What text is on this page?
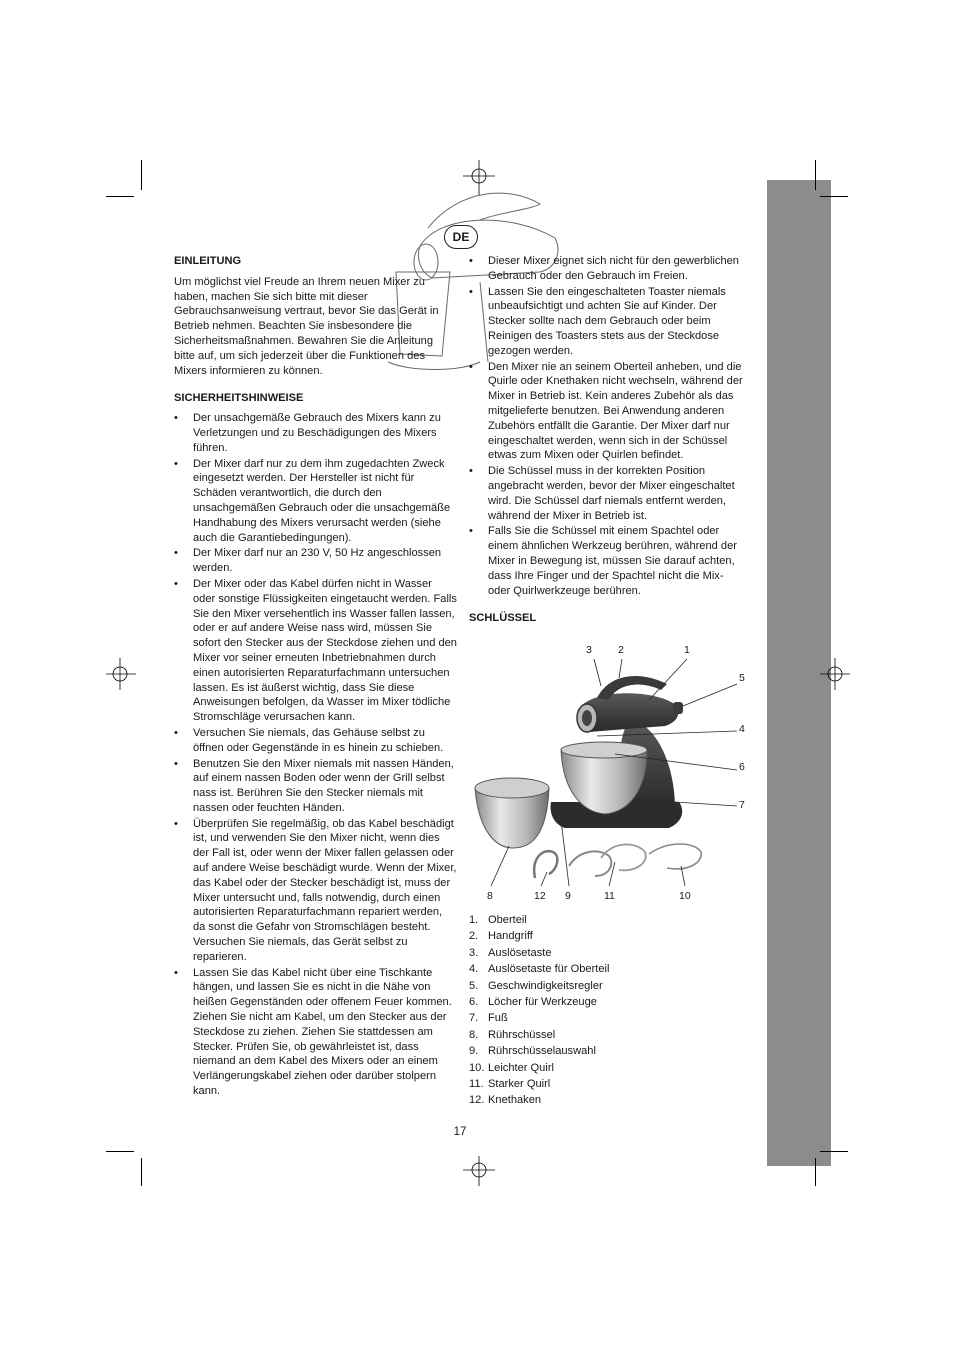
DE
EINLEITUNG

Um möglichst viel Freude an Ihrem neuen Mixer zu haben, machen Sie sich bitte mit dieser Gebrauchsanweisung vertraut, bevor Sie das Gerät in Betrieb nehmen. Beachten Sie insbesondere die Sicherheitsmaßnahmen. Bewahren Sie die Anleitung bitte auf, um sich jederzeit über die Funktionen des Mixers informieren zu können.

SICHERHEITSHINWEISE
• Der unsachgemäße Gebrauch des Mixers kann zu Verletzungen und zu Beschädigungen des Mixers führen.
• Der Mixer darf nur zu dem ihm zugedachten Zweck eingesetzt werden. Der Hersteller ist nicht für Schäden verantwortlich, die durch den unsachgemäßen Gebrauch oder die unsachgemäße Handhabung des Mixers verursacht werden (siehe auch die Garantiebedingungen).
• Der Mixer darf nur an 230 V, 50 Hz angeschlossen werden.
• Der Mixer oder das Kabel dürfen nicht in Wasser oder sonstige Flüssigkeiten eingetaucht werden. Falls Sie den Mixer versehentlich ins Wasser fallen lassen, oder er auf andere Weise nass wird, müssen Sie sofort den Stecker aus der Steckdose ziehen und den Mixer vor seiner erneuten Inbetriebnahmen durch einen autorisierten Reparaturfachmann untersuchen lassen. Es ist äußerst wichtig, dass Sie diese Anweisungen befolgen, da Wasser im Mixer tödliche Stromschläge verursachen kann.
• Versuchen Sie niemals, das Gehäuse selbst zu öffnen oder Gegenstände in es hinein zu schieben.
• Benutzen Sie den Mixer niemals mit nassen Händen, auf einem nassen Boden oder wenn der Grill selbst nass ist. Berühren Sie den Stecker niemals mit nassen oder feuchten Händen.
• Überprüfen Sie regelmäßig, ob das Kabel beschädigt ist, und verwenden Sie den Mixer nicht, wenn dies der Fall ist, oder wenn der Mixer fallen gelassen oder auf andere Weise beschädigt wurde. Wenn der Mixer, das Kabel oder der Stecker beschädigt ist, muss der Mixer untersucht und, falls notwendig, durch einen autorisierten Reparaturfachmann repariert werden, da sonst die Gefahr von Stromschlägen besteht. Versuchen Sie niemals, das Gerät selbst zu reparieren.
• Lassen Sie das Kabel nicht über eine Tischkante hängen, und lassen Sie es nicht in die Nähe von heißen Gegenständen oder offenem Feuer kommen. Ziehen Sie nicht am Kabel, um den Stecker aus der Steckdose zu ziehen. Ziehen Sie stattdessen am Stecker. Prüfen Sie, ob gewährleistet ist, dass niemand an dem Kabel des Mixers oder an einem Verlängerungskabel ziehen oder darüber stolpern kann.
• Dieser Mixer eignet sich nicht für den gewerblichen Gebrauch oder den Gebrauch im Freien.
• Lassen Sie den eingeschalteten Toaster niemals unbeaufsichtigt und achten Sie auf Kinder. Der Stecker sollte nach dem Gebrauch oder beim Reinigen des Toasters stets aus der Steckdose gezogen werden.
• Den Mixer nie an seinem Oberteil anheben, und die Quirle oder Knethaken nicht wechseln, während der Mixer in Betrieb ist. Kein anderes Zubehör als das mitgelieferte benutzen. Bei Anwendung anderen Zubehörs entfällt die Garantie. Der Mixer darf nur eingeschaltet werden, wenn sich in der Schüssel etwas zum Mixen oder Quirlen befindet.
• Die Schüssel muss in der korrekten Position angebracht werden, bevor der Mixer eingeschaltet wird. Die Schüssel darf niemals entfernt werden, während der Mixer in Betrieb ist.
• Falls Sie die Schüssel mit einem Spachtel oder einem ähnlichen Werkzeug berühren, während der Mixer in Bewegung ist, müssen Sie darauf achten, dass Ihre Finger und der Spachtel nicht die Mix- oder Quirlwerkzeuge berühren.
SCHLÜSSEL
3 2	1
5
4
6
7
8	12 9	11	10
1. Oberteil
2. Handgriff
3. Auslösetaste
4. Auslösetaste für Oberteil
5. Geschwindigkeitsregler
6. Löcher für Werkzeuge
7. Fuß
8. Rührschüssel
9. Rührschüsselauswahl
10. Leichter Quirl
11. Starker Quirl
12. Knethaken
17
